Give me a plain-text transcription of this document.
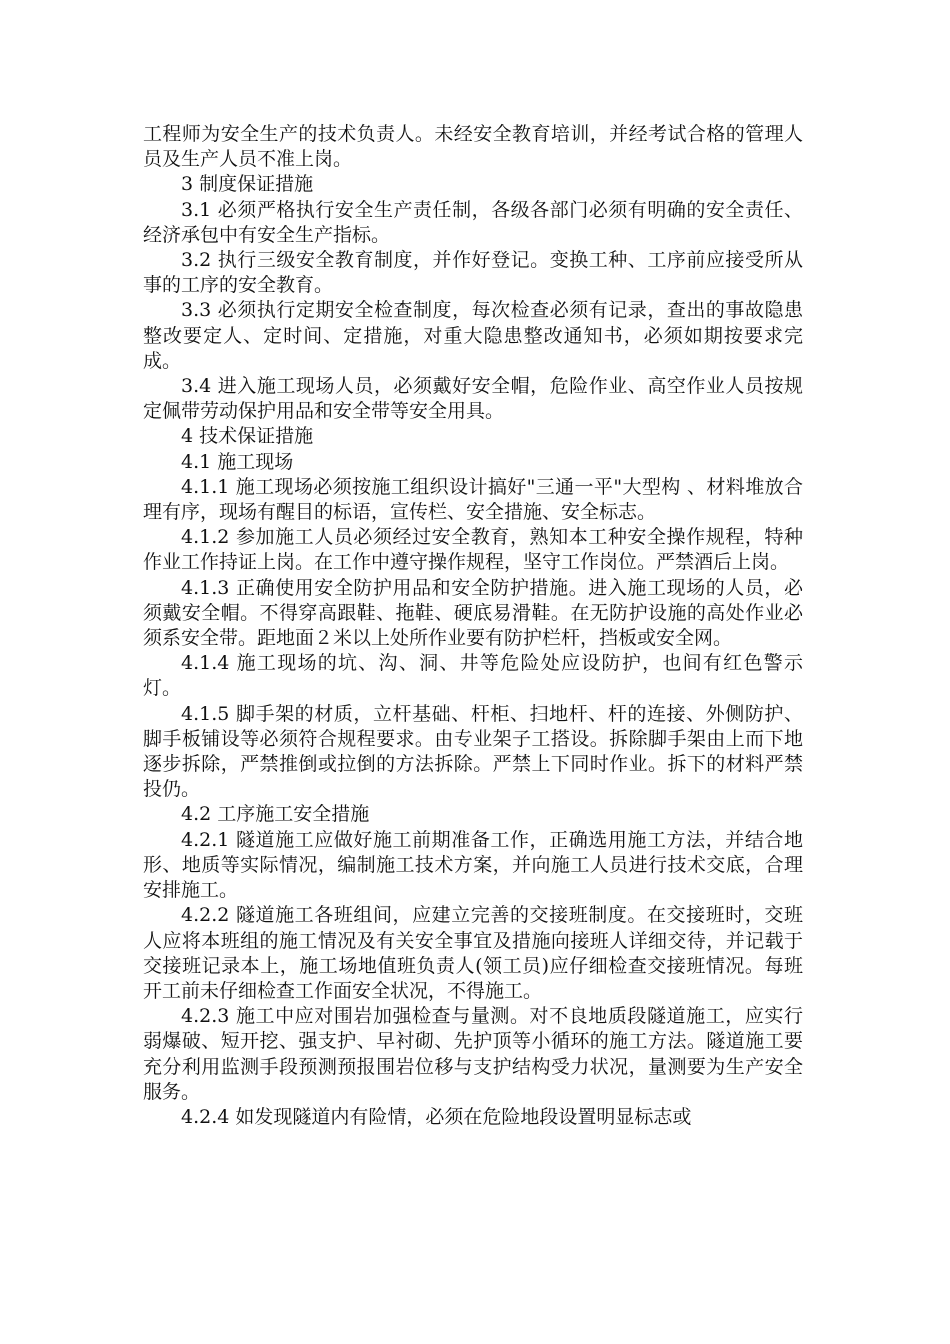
工程师为安全生产的技术负责人。未经安全教育培训，并经考试合格的管理人员及生产人员不准上岗。

3 制度保证措施

3.1 必须严格执行安全生产责任制，各级各部门必须有明确的安全责任、经济承包中有安全生产指标。

3.2 执行三级安全教育制度，并作好登记。变换工种、工序前应接受所从事的工序的安全教育。

3.3 必须执行定期安全检查制度，每次检查必须有记录，查出的事故隐患整改要定人、定时间、定措施，对重大隐患整改通知书，必须如期按要求完成。

3.4 进入施工现场人员，必须戴好安全帽，危险作业、高空作业人员按规定佩带劳动保护用品和安全带等安全用具。

4 技术保证措施

4.1 施工现场

4.1.1 施工现场必须按施工组织设计搞好"三通一平"大型构 、材料堆放合理有序，现场有醒目的标语，宣传栏、安全措施、安全标志。

4.1.2 参加施工人员必须经过安全教育，熟知本工种安全操作规程，特种作业工作持证上岗。在工作中遵守操作规程，坚守工作岗位。严禁酒后上岗。

4.1.3 正确使用安全防护用品和安全防护措施。进入施工现场的人员，必须戴安全帽。不得穿高跟鞋、拖鞋、硬底易滑鞋。在无防护设施的高处作业必须系安全带。距地面２米以上处所作业要有防护栏杆，挡板或安全网。

4.1.4 施工现场的坑、沟、洞、井等危险处应设防护，也间有红色警示灯。

4.1.5 脚手架的材质，立杆基础、杆柜、扫地杆、杆的连接、外侧防护、脚手板铺设等必须符合规程要求。由专业架子工搭设。拆除脚手架由上而下地逐步拆除，严禁推倒或拉倒的方法拆除。严禁上下同时作业。拆下的材料严禁投仍。

4.2 工序施工安全措施

4.2.1 隧道施工应做好施工前期准备工作，正确选用施工方法，并结合地形、地质等实际情况，编制施工技术方案，并向施工人员进行技术交底，合理安排施工。

4.2.2 隧道施工各班组间，应建立完善的交接班制度。在交接班时，交班人应将本班组的施工情况及有关安全事宜及措施向接班人详细交待，并记载于交接班记录本上，施工场地值班负责人(领工员)应仔细检查交接班情况。每班开工前未仔细检查工作面安全状况，不得施工。

4.2.3 施工中应对围岩加强检查与量测。对不良地质段隧道施工，应实行弱爆破、短开挖、强支护、早衬砌、先护顶等小循环的施工方法。隧道施工要充分利用监测手段预测预报围岩位移与支护结构受力状况，量测要为生产安全服务。

4.2.4 如发现隧道内有险情，必须在危险地段设置明显标志或
